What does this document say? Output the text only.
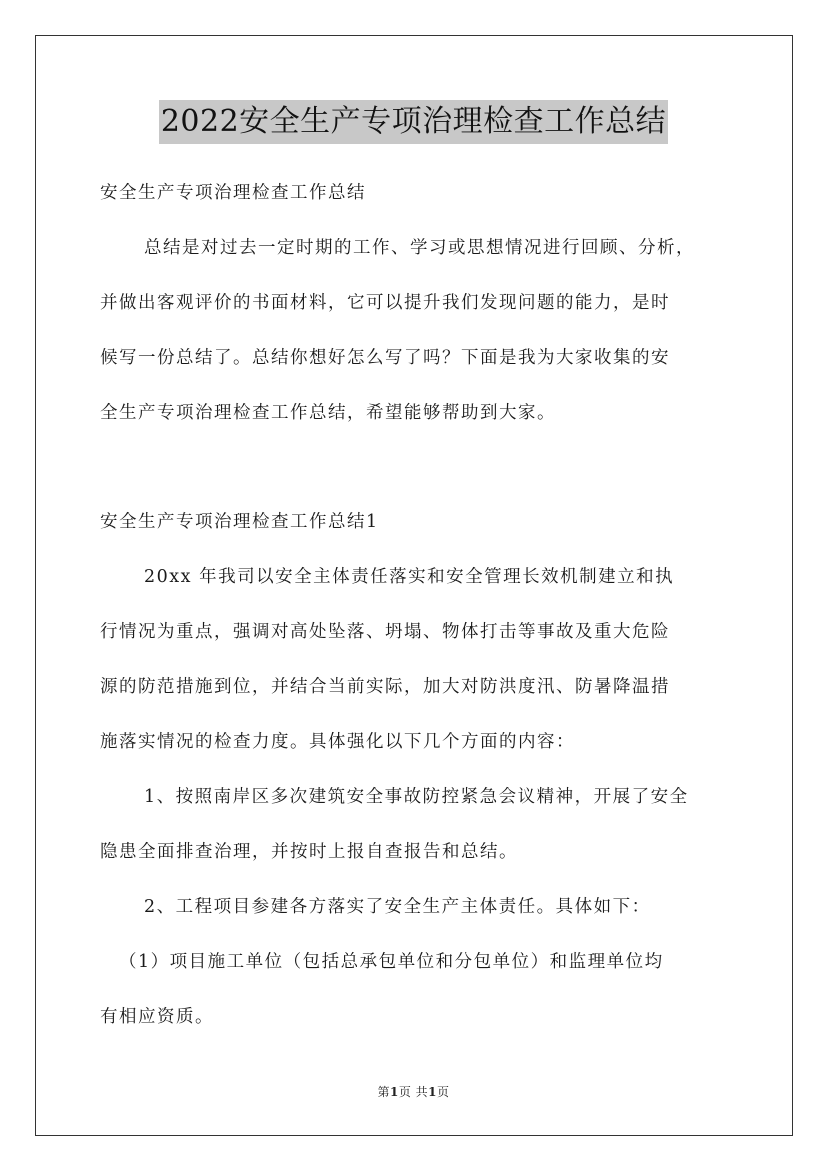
2022安全生产专项治理检查工作总结
安全生产专项治理检查工作总结
总结是对过去一定时期的工作、学习或思想情况进行回顾、分析，
并做出客观评价的书面材料，它可以提升我们发现问题的能力，是时
候写一份总结了。总结你想好怎么写了吗？下面是我为大家收集的安
全生产专项治理检查工作总结，希望能够帮助到大家。
安全生产专项治理检查工作总结1
20xx 年我司以安全主体责任落实和安全管理长效机制建立和执
行情况为重点，强调对高处坠落、坍塌、物体打击等事故及重大危险
源的防范措施到位，并结合当前实际，加大对防洪度汛、防暑降温措
施落实情况的检查力度。具体强化以下几个方面的内容：
1、按照南岸区多次建筑安全事故防控紧急会议精神，开展了安全
隐患全面排查治理，并按时上报自查报告和总结。
2、工程项目参建各方落实了安全生产主体责任。具体如下：
（1）项目施工单位（包括总承包单位和分包单位）和监理单位均
有相应资质。
第1页 共1页
